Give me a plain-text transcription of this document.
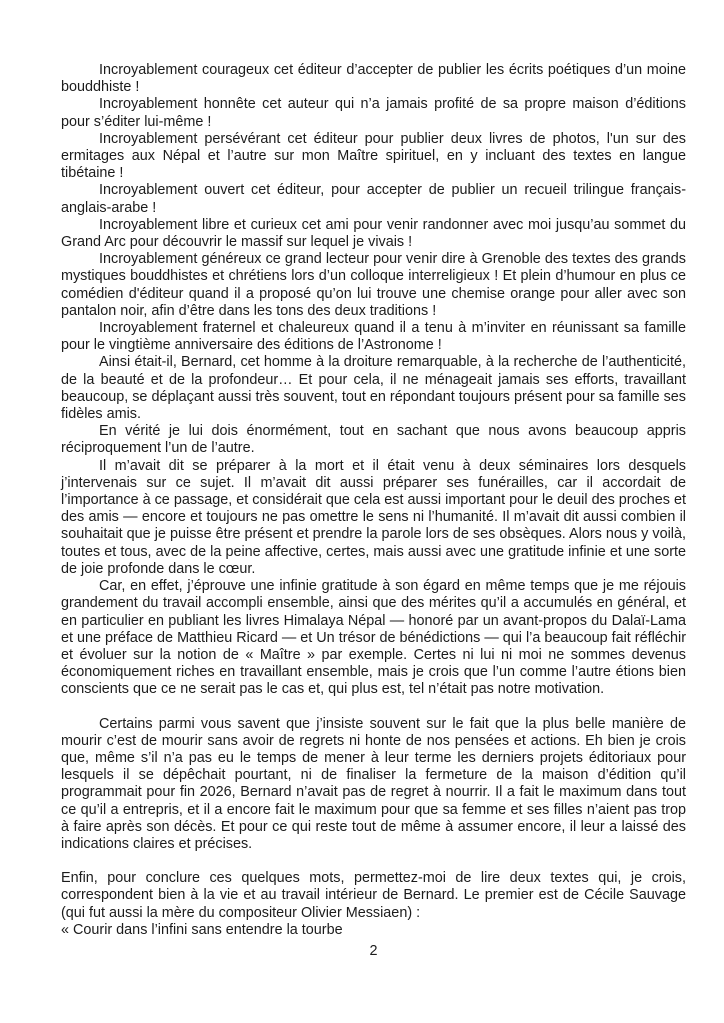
Incroyablement courageux cet éditeur d’accepter de publier les écrits poétiques d’un moine bouddhiste !

Incroyablement honnête cet auteur qui n’a jamais profité de sa propre maison d’éditions pour s’éditer lui-même !

Incroyablement persévérant cet éditeur pour publier deux livres de photos, l'un sur des ermitages aux Népal et l’autre sur mon Maître spirituel, en y incluant des textes en langue tibétaine !

Incroyablement ouvert cet éditeur, pour accepter de publier un recueil trilingue français-anglais-arabe !

Incroyablement libre et curieux cet ami pour venir randonner avec moi jusqu’au sommet du Grand Arc pour découvrir le massif sur lequel je vivais !

Incroyablement généreux ce grand lecteur pour venir dire à Grenoble des textes des grands mystiques bouddhistes et chrétiens lors d’un colloque interreligieux ! Et plein d’humour en plus ce comédien d'éditeur quand il a proposé qu’on lui trouve une chemise orange pour aller avec son pantalon noir, afin d’être dans les tons des deux traditions !

Incroyablement fraternel et chaleureux quand il a tenu à m’inviter en réunissant sa famille pour le vingtième anniversaire des éditions de l’Astronome !

Ainsi était-il, Bernard, cet homme à la droiture remarquable, à la recherche de l’authenticité, de la beauté et de la profondeur… Et pour cela, il ne ménageait jamais ses efforts, travaillant beaucoup, se déplaçant aussi très souvent, tout en répondant toujours présent pour sa famille ses fidèles amis.

En vérité je lui dois énormément, tout en sachant que nous avons beaucoup appris réciproquement l’un de l’autre.

Il m’avait dit se préparer à la mort et il était venu à deux séminaires lors desquels j’intervenais sur ce sujet. Il m’avait dit aussi préparer ses funérailles, car il accordait de l’importance à ce passage, et considérait que cela est aussi important pour le deuil des proches et des amis — encore et toujours ne pas omettre le sens ni l’humanité. Il m’avait dit aussi combien il souhaitait que je puisse être présent et prendre la parole lors de ses obsèques. Alors nous y voilà, toutes et tous, avec de la peine affective, certes, mais aussi avec une gratitude infinie et une sorte de joie profonde dans le cœur.

Car, en effet, j’éprouve une infinie gratitude à son égard en même temps que je me réjouis grandement du travail accompli ensemble, ainsi que des mérites qu’il a accumulés en général, et en particulier en publiant les livres Himalaya Népal — honoré par un avant-propos du Dalaï-Lama et une préface de Matthieu Ricard — et Un trésor de bénédictions — qui l’a beaucoup fait réfléchir et évoluer sur la notion de « Maître » par exemple. Certes ni lui ni moi ne sommes devenus économiquement riches en travaillant ensemble, mais je crois que l’un comme l’autre étions bien conscients que ce ne serait pas le cas et, qui plus est, tel n’était pas notre motivation.

Certains parmi vous savent que j’insiste souvent sur le fait que la plus belle manière de mourir c’est de mourir sans avoir de regrets ni honte de nos pensées et actions. Eh bien je crois que, même s’il n’a pas eu le temps de mener à leur terme les derniers projets éditoriaux pour lesquels il se dépêchait pourtant, ni de finaliser la fermeture de la maison d’édition qu’il programmait pour fin 2026, Bernard n’avait pas de regret à nourrir. Il a fait le maximum dans tout ce qu’il a entrepris, et il a encore fait le maximum pour que sa femme et ses filles n’aient pas trop à faire après son décès. Et pour ce qui reste tout de même à assumer encore, il leur a laissé des indications claires et précises.

Enfin, pour conclure ces quelques mots, permettez-moi de lire deux textes qui, je crois, correspondent bien à la vie et au travail intérieur de Bernard. Le premier est de Cécile Sauvage (qui fut aussi la mère du compositeur Olivier Messiaen) :

« Courir dans l’infini sans entendre la tourbe

2
